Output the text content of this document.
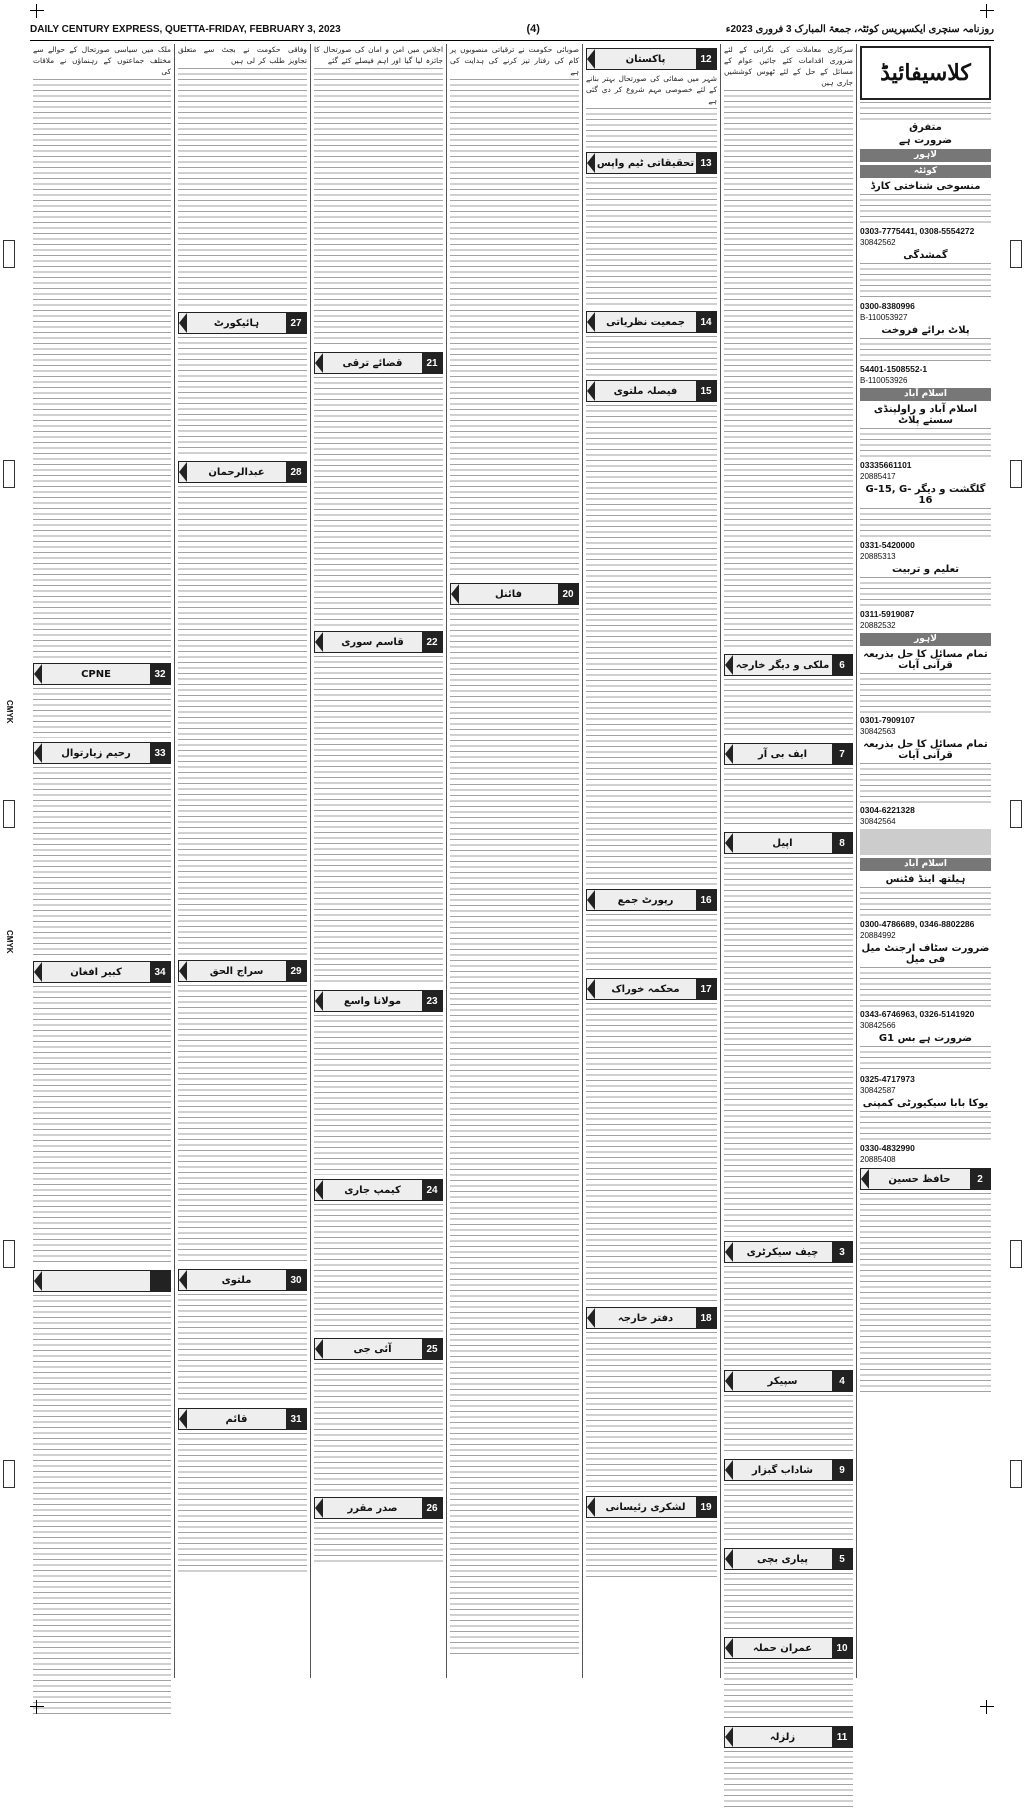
CMYK
CMYK
DAILY CENTURY EXPRESS, QUETTA-FRIDAY, FEBRUARY 3, 2023	(4)	روزنامہ سنچری ایکسپریس کوئٹہ، جمعۃ المبارک 3 فروری 2023ء
کلاسیفائیڈ
متفرق
ضرورت ہے
لاہور
کوئٹہ
منسوخی شناختی کارڈ
0303-7775441, 0308-5554272
30842562
گمشدگی
0300-8380996
B-110053927
پلاٹ برائے فروخت
54401-1508552-1
B-110053926
اسلام آباد
اسلام آباد و راولپنڈی سستے پلاٹ
03335661101
20885417
گلگشت و دیگر G-15, G-16
0331-5420000
20885313
تعلیم و تربیت
0311-5919087
20882532
لاہور
تمام مسائل کا حل بذریعہ قرآنی آیات
0301-7909107
30842563
تمام مسائل کا حل بذریعہ قرآنی آیات
0304-6221328
30842564
اسلام آباد
ہیلتھ اینڈ فٹنس
0300-4786689, 0346-8802286
20884992
ضرورت سٹاف ارجنٹ میل فی میل
0343-6746963, 0326-5141920
30842566
ضرورت ہے بس G1
0325-4717973
30842587
یوکا بابا سیکیورٹی کمپنی
0330-4832990
20885408
2
حافظ حسین
سرکاری معاملات کی نگرانی کے لئے ضروری اقدامات کئے جائیں عوام کے مسائل کے حل کے لئے ٹھوس کوششیں جاری ہیں
6
ملکی و دیگر خارجہ
7
ایف بی آر
8
اپیل
3
چیف سیکرٹری
4
سپیکر
9
شاداب گبزار
5
پیاری بچی
10
عمران حملہ
11
زلزلہ
12
پاکستان
شہر میں صفائی کی صورتحال بہتر بنانے کے لئے خصوصی مہم شروع کر دی گئی ہے
13
تحقیقاتی ٹیم واپس
14
جمعیت نظریاتی
15
فیصلہ ملتوی
16
رپورٹ جمع
17
محکمہ خوراک
18
دفتر خارجہ
19
لشکری رئیسانی
صوبائی حکومت نے ترقیاتی منصوبوں پر کام کی رفتار تیز کرنے کی ہدایت کی ہے
20
فائنل
اجلاس میں امن و امان کی صورتحال کا جائزہ لیا گیا اور اہم فیصلے کئے گئے
21
قضائے ترقی
22
قاسم سوری
23
مولانا واسع
24
کیمپ جاری
25
آئی جی
26
صدر مقرر
وفاقی حکومت نے بجٹ سے متعلق تجاویز طلب کر لی ہیں
27
ہائیکورٹ
28
عبدالرحمان
29
سراج الحق
30
ملتوی
31
قائم
ملک میں سیاسی صورتحال کے حوالے سے مختلف جماعتوں کے رہنماؤں نے ملاقات کی
32
CPNE
33
رحیم زیارتوال
34
کبیر افغان
